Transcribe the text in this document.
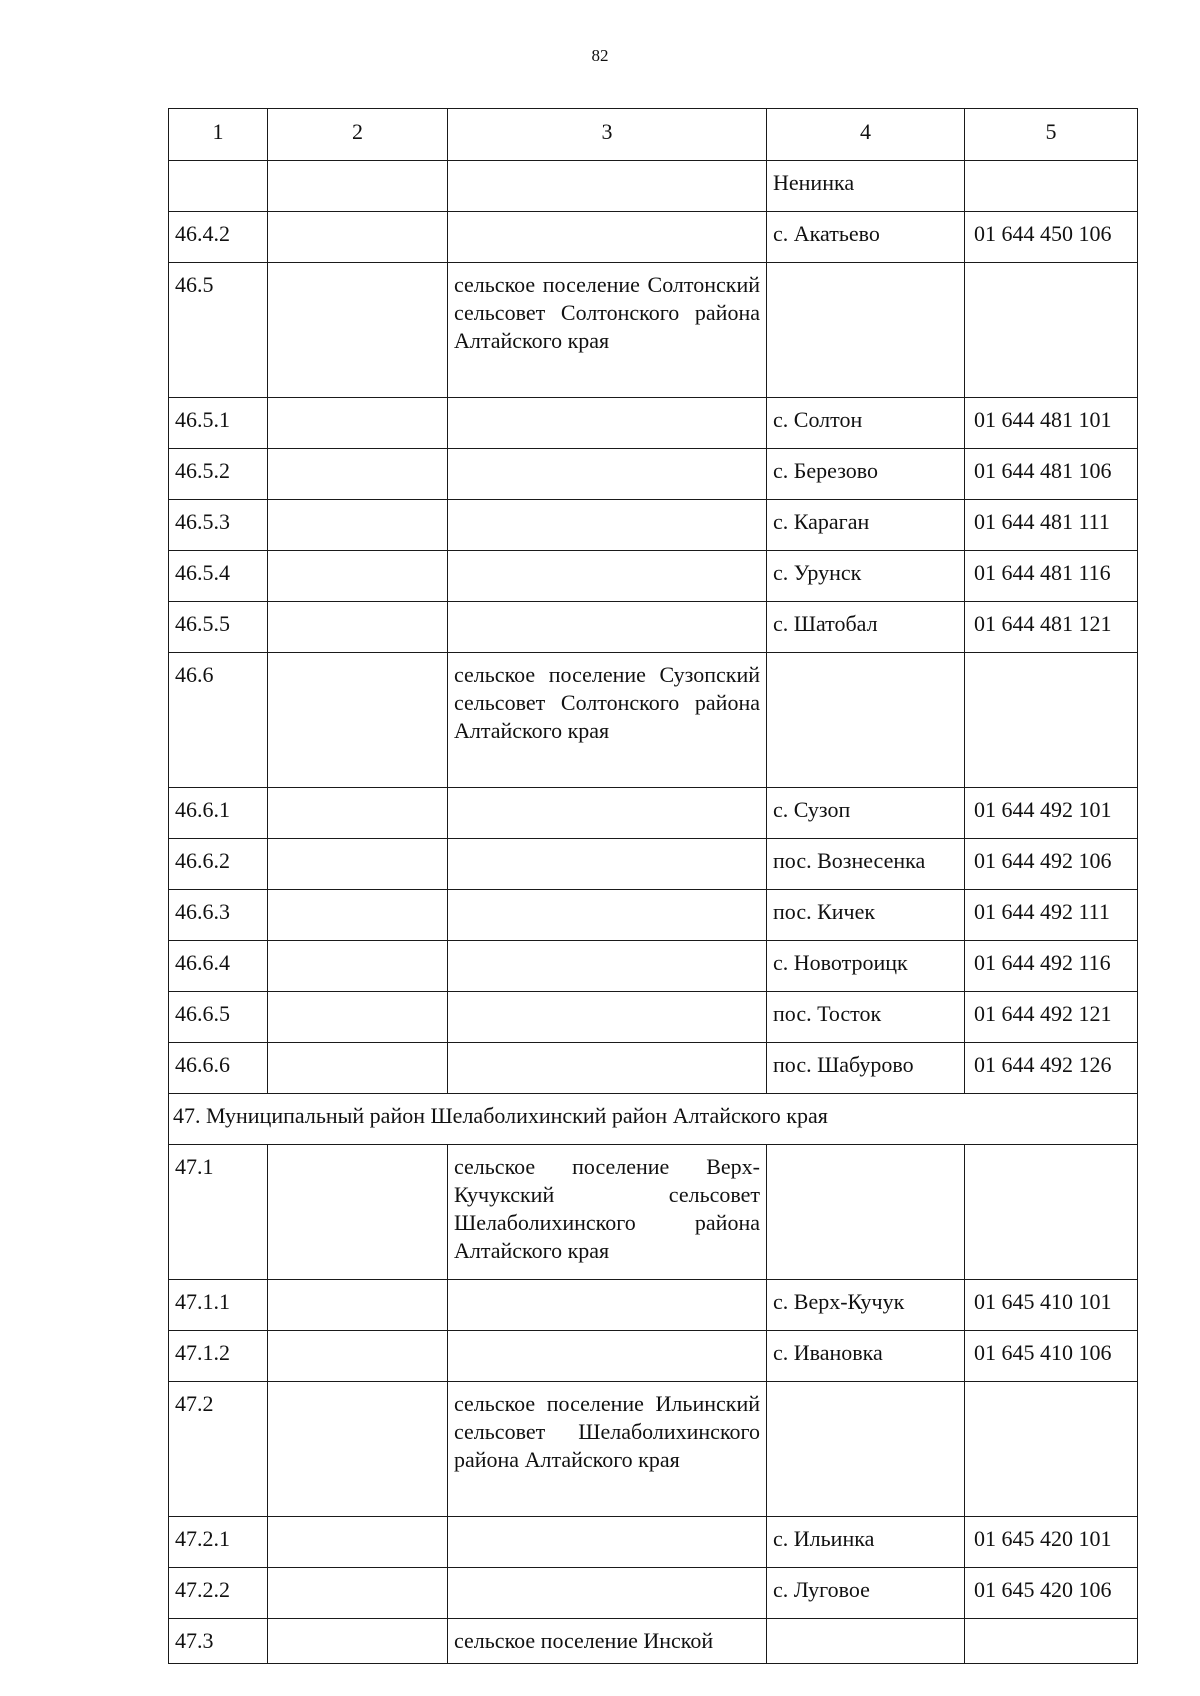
82
1	2	3	4	5
			Ненинка	
46.4.2			с. Акатьево	01 644 450 106
46.5		сельское поселение Солтонский сельсовет Солтонского района Алтайского края		
46.5.1			с. Солтон	01 644 481 101
46.5.2			с. Березово	01 644 481 106
46.5.3			с. Караган	01 644 481 111
46.5.4			с. Урунск	01 644 481 116
46.5.5			с. Шатобал	01 644 481 121
46.6		сельское поселение Сузопский сельсовет Солтонского района Алтайского края		
46.6.1			с. Сузоп	01 644 492 101
46.6.2			пос. Вознесенка	01 644 492 106
46.6.3			пос. Кичек	01 644 492 111
46.6.4			с. Новотроицк	01 644 492 116
46.6.5			пос. Тосток	01 644 492 121
46.6.6			пос. Шабурово	01 644 492 126
47. Муниципальный район Шелаболихинский район Алтайского края				
47.1		сельское поселение Верх-Кучукский сельсовет Шелаболихинского района Алтайского края		
47.1.1			с. Верх-Кучук	01 645 410 101
47.1.2			с. Ивановка	01 645 410 106
47.2		сельское поселение Ильинский сельсовет Шелаболихинского района Алтайского края		
47.2.1			с. Ильинка	01 645 420 101
47.2.2			с. Луговое	01 645 420 106
47.3		сельское поселение Инской		
